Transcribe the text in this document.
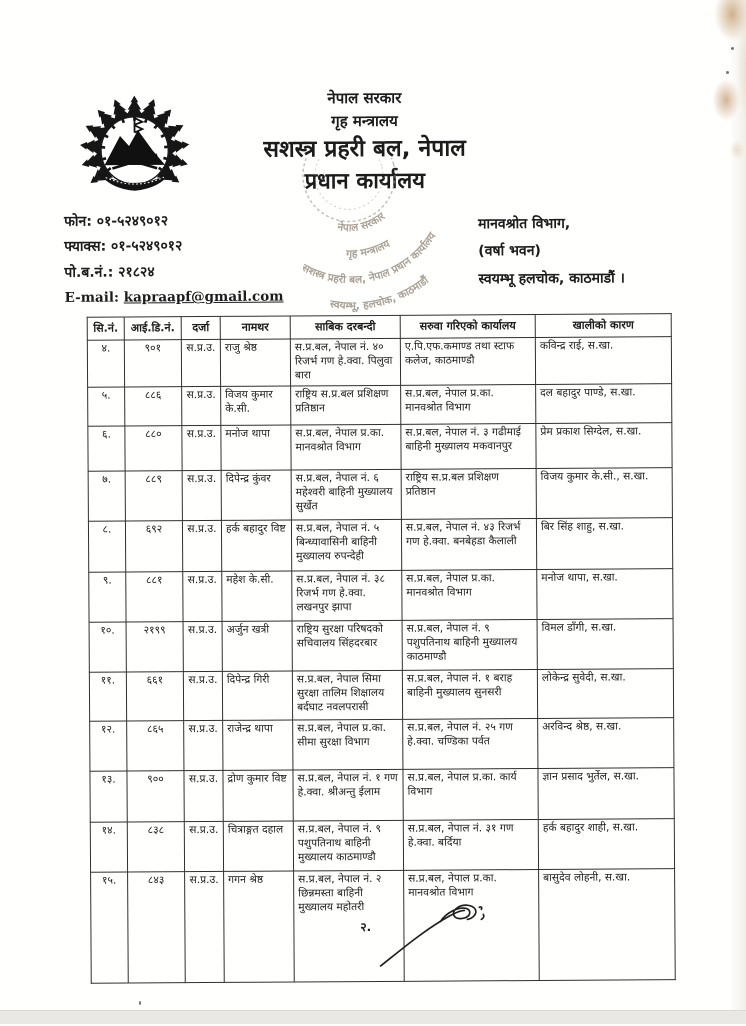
नेपाल सरकार
गृह मन्त्रालय
सशस्त्र प्रहरी बल, नेपाल
प्रधान कार्यालय
नेपाल सरकार
गृह मन्त्रालय
सशस्त्र प्रहरी बल, नेपाल प्रधान कार्यालय
स्वयम्भू, हलचोक, काठमाडौं
फोन: ०१-५२४९०१२
फ्याक्स: ०१-५२४९०१२
पो.ब.नं.: २१८२४
E-mail: kapraapf@gmail.com
मानवश्रोत विभाग,
(वर्षा भवन)
स्वयम्भू हलचोक, काठमाडौं ।
सि.नं.	आई.डि.नं.	दर्जा	नामथर	साबिक दरबन्दी	सरुवा गरिएको कार्यालय	खालीको कारण
४.	९०१	स.प्र.उ.	राजु श्रेष्ठ	स.प्र.बल, नेपाल नं. ४० रिजर्भ गण हे.क्वा. पिलुवा बारा	ए.पि.एफ.कमाण्ड तथा स्टाफ कलेज, काठमाण्डौ	कविन्द्र राई, स.खा.
५.	८८६	स.प्र.उ.	विजय कुमार के.सी.	राष्ट्रिय स.प्र.बल प्रशिक्षण प्रतिष्ठान	स.प्र.बल, नेपाल प्र.का. मानवश्रोत विभाग	दल बहादुर पाण्डे, स.खा.
६.	८८०	स.प्र.उ.	मनोज थापा	स.प्र.बल, नेपाल प्र.का. मानवश्रोत विभाग	स.प्र.बल, नेपाल नं. ३ गढीमाई बाहिनी मुख्यालय मकवानपुर	प्रेम प्रकाश सिग्देल, स.खा.
७.	८८९	स.प्र.उ.	दिपेन्द्र कुंवर	स.प्र.बल, नेपाल नं. ६ महेश्वरी बाहिनी मुख्यालय सुर्खेत	राष्ट्रिय स.प्र.बल प्रशिक्षण प्रतिष्ठान	विजय कुमार के.सी., स.खा.
८.	६९२	स.प्र.उ.	हर्क बहादुर विष्ट	स.प्र.बल, नेपाल नं. ५ बिन्ध्यावासिनी बाहिनी मुख्यालय रुपन्देही	स.प्र.बल, नेपाल नं. ४३ रिजर्भ गण हे.क्वा. बनबेहडा कैलाली	बिर सिंह शाहु, स.खा.
९.	८८१	स.प्र.उ.	महेश के.सी.	स.प्र.बल, नेपाल नं. ३८ रिजर्भ गण हे.क्वा. लखनपुर झापा	स.प्र.बल, नेपाल प्र.का. मानवश्रोत विभाग	मनोज थापा, स.खा.
१०.	२१९९	स.प्र.उ.	अर्जुन खत्री	राष्ट्रिय सुरक्षा परिषदको सचिवालय सिंहदरबार	स.प्र.बल, नेपाल नं. ९ पशुपतिनाथ बाहिनी मुख्यालय काठमाण्डौ	विमल डाँगी, स.खा.
११.	६६१	स.प्र.उ.	दिपेन्द्र गिरी	स.प्र.बल, नेपाल सिमा सुरक्षा तालिम शिक्षालय बर्दघाट नवलपरासी	स.प्र.बल, नेपाल नं. १ बराह बाहिनी मुख्यालय सुनसरी	लोकेन्द्र सुवेदी, स.खा.
१२.	८६५	स.प्र.उ.	राजेन्द्र थापा	स.प्र.बल, नेपाल प्र.का. सीमा सुरक्षा विभाग	स.प्र.बल, नेपाल नं. २५ गण हे.क्वा. चण्डिका पर्वत	अरविन्द श्रेष्ठ, स.खा.
१३.	९००	स.प्र.उ.	द्रोण कुमार विष्ट	स.प्र.बल, नेपाल नं. १ गण हे.क्वा. श्रीअन्तु ईलाम	स.प्र.बल, नेपाल प्र.का. कार्य विभाग	ज्ञान प्रसाद भुर्तेल, स.खा.
१४.	८३८	स.प्र.उ.	चित्राङ्गत दहाल	स.प्र.बल, नेपाल नं. ९ पशुपतिनाथ बाहिनी मुख्यालय काठमाण्डौ	स.प्र.बल, नेपाल नं. ३१ गण हे.क्वा. बर्दिया	हर्क बहादुर शाही, स.खा.
१५.	८४३	स.प्र.उ.	गगन श्रेष्ठ	स.प्र.बल, नेपाल नं. २ छिन्नमस्ता बाहिनी मुख्यालय महोतरी	स.प्र.बल, नेपाल प्र.का. मानवश्रोत विभाग	बासुदेव लोहनी, स.खा.
२.
